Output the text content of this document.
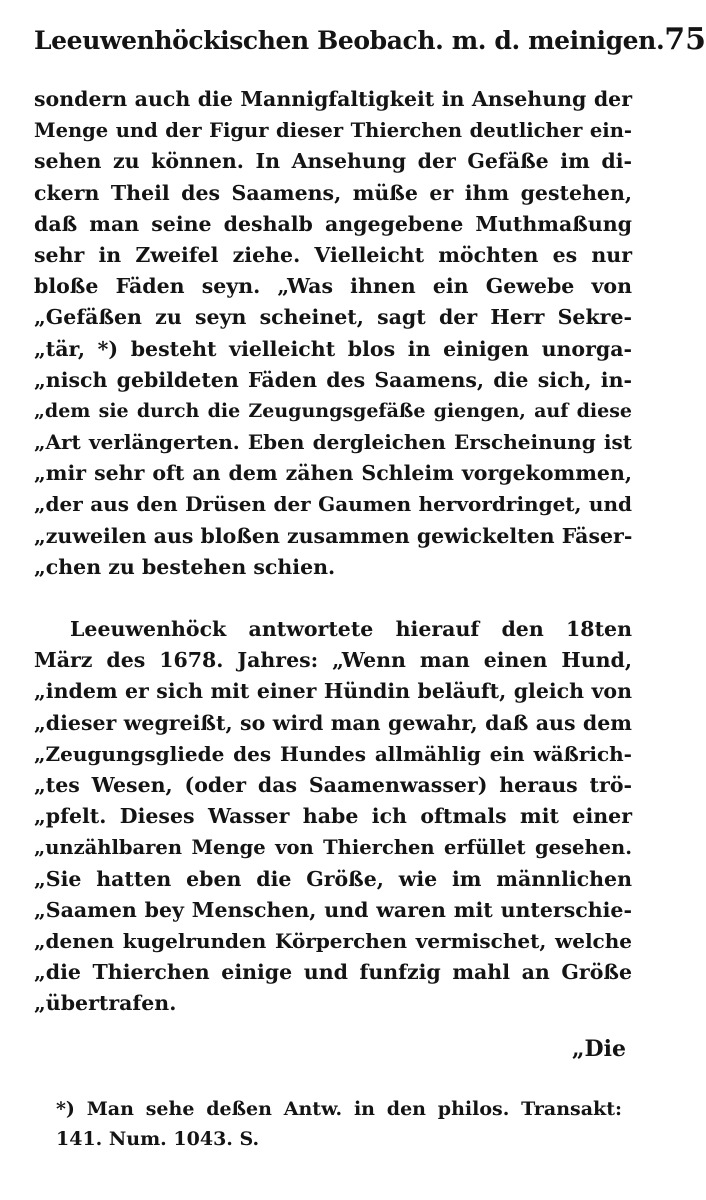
Leeuwenhöckischen Beobach. m. d. meinigen. 75
sondern auch die Mannigfaltigkeit in Ansehung der
Menge und der Figur dieser Thierchen deutlicher ein-
sehen zu können. In Ansehung der Gefäße im di-
ckern Theil des Saamens, müße er ihm gestehen,
daß man seine deshalb angegebene Muthmaßung
sehr in Zweifel ziehe. Vielleicht möchten es nur
bloße Fäden seyn. „Was ihnen ein Gewebe von
„Gefäßen zu seyn scheinet, sagt der Herr Sekre-
„tär, *) besteht vielleicht blos in einigen unorga-
„nisch gebildeten Fäden des Saamens, die sich, in-
„dem sie durch die Zeugungsgefäße giengen, auf diese
„Art verlängerten. Eben dergleichen Erscheinung ist
„mir sehr oft an dem zähen Schleim vorgekommen,
„der aus den Drüsen der Gaumen hervordringet, und
„zuweilen aus bloßen zusammen gewickelten Fäser-
„chen zu bestehen schien.
Leeuwenhöck antwortete hierauf den 18ten
März des 1678. Jahres: „Wenn man einen Hund,
„indem er sich mit einer Hündin beläuft, gleich von
„dieser wegreißt, so wird man gewahr, daß aus dem
„Zeugungsgliede des Hundes allmählig ein wäßrich-
„tes Wesen, (oder das Saamenwasser) heraus trö-
„pfelt. Dieses Wasser habe ich oftmals mit einer
„unzählbaren Menge von Thierchen erfüllet gesehen.
„Sie hatten eben die Größe, wie im männlichen
„Saamen bey Menschen, und waren mit unterschie-
„denen kugelrunden Körperchen vermischet, welche
„die Thierchen einige und funfzig mahl an Größe
„übertrafen.
„Die
*) Man sehe deßen Antw. in den philos. Transakt:
141. Num. 1043. S.
